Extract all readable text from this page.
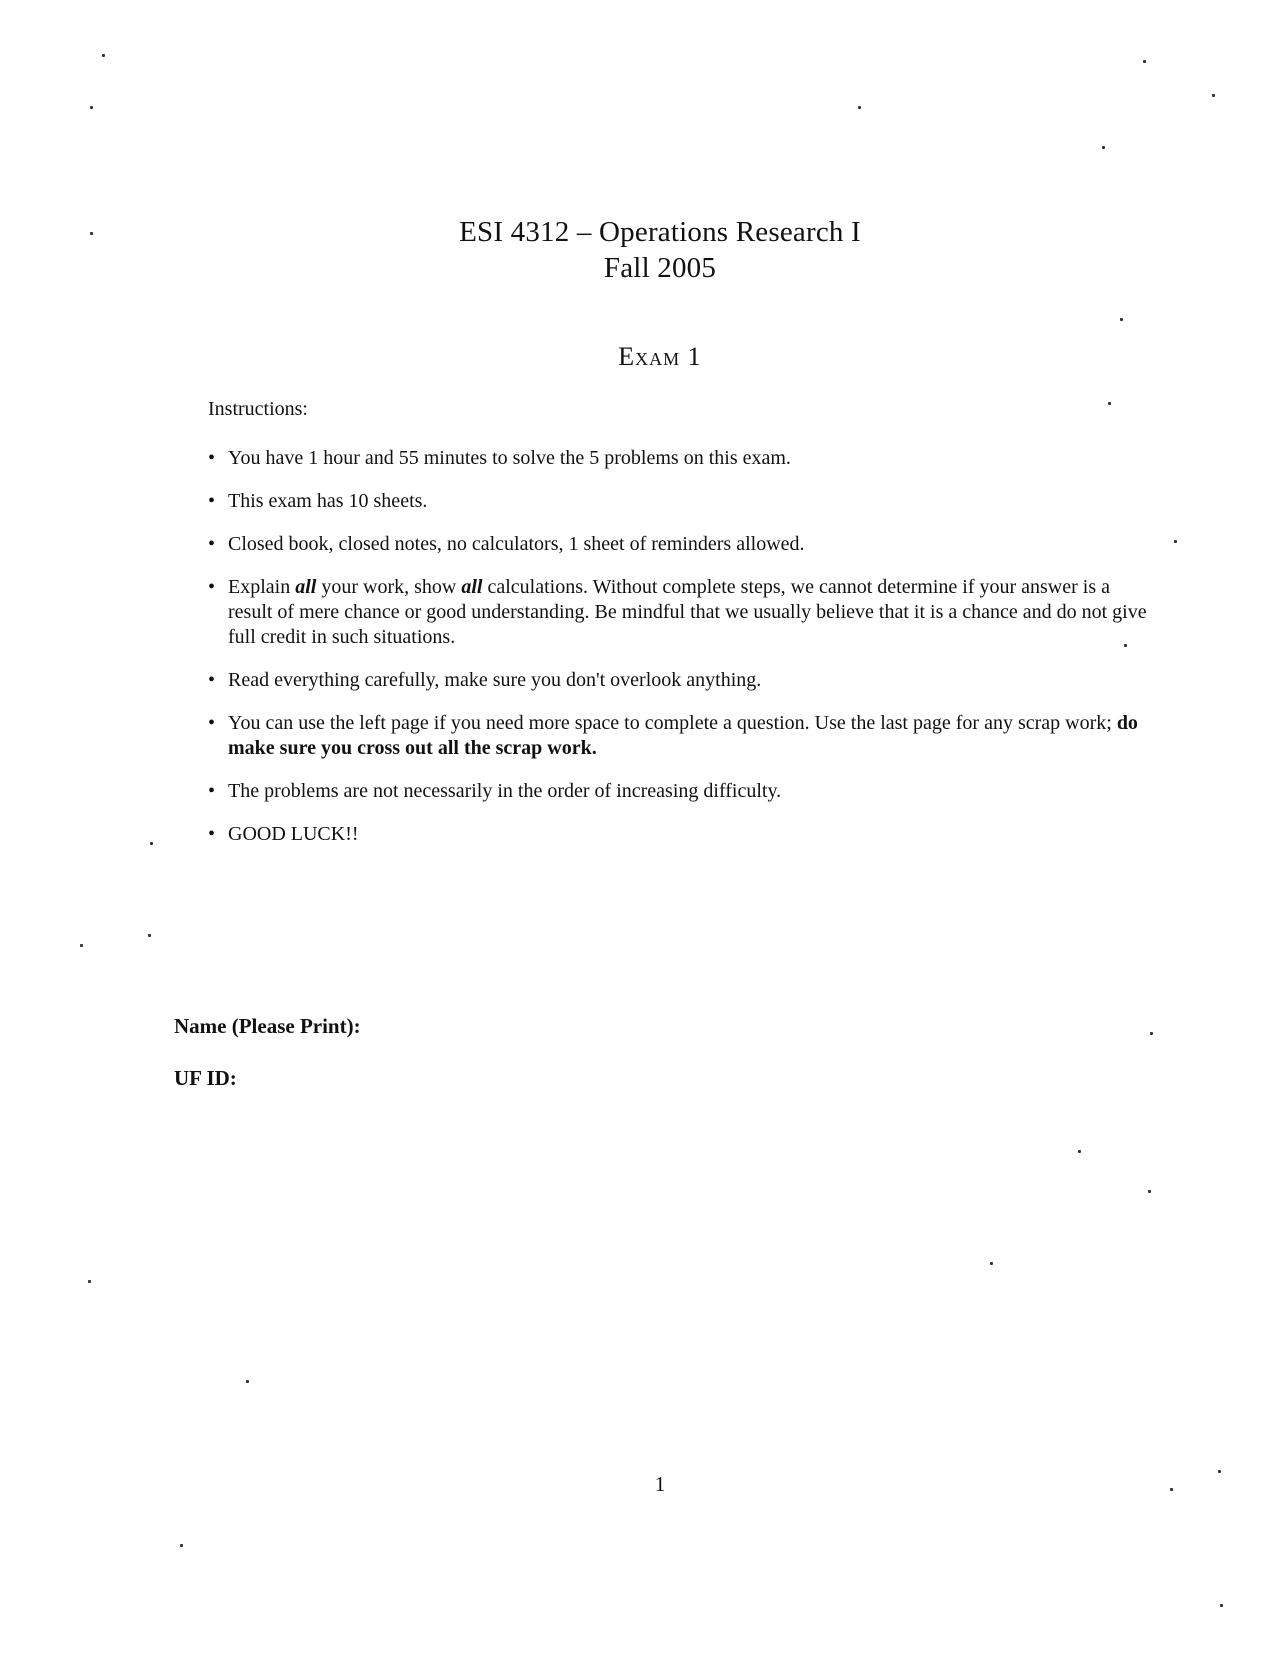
ESI 4312 – Operations Research I
Fall 2005
Exam 1
Instructions:
• You have 1 hour and 55 minutes to solve the 5 problems on this exam.
• This exam has 10 sheets.
• Closed book, closed notes, no calculators, 1 sheet of reminders allowed.
• Explain all your work, show all calculations. Without complete steps, we cannot determine if your answer is a result of mere chance or good understanding. Be mindful that we usually believe that it is a chance and do not give full credit in such situations.
• Read everything carefully, make sure you don't overlook anything.
• You can use the left page if you need more space to complete a question. Use the last page for any scrap work; do make sure you cross out all the scrap work.
• The problems are not necessarily in the order of increasing difficulty.
• GOOD LUCK!!
Name (Please Print):
UF ID:
1
